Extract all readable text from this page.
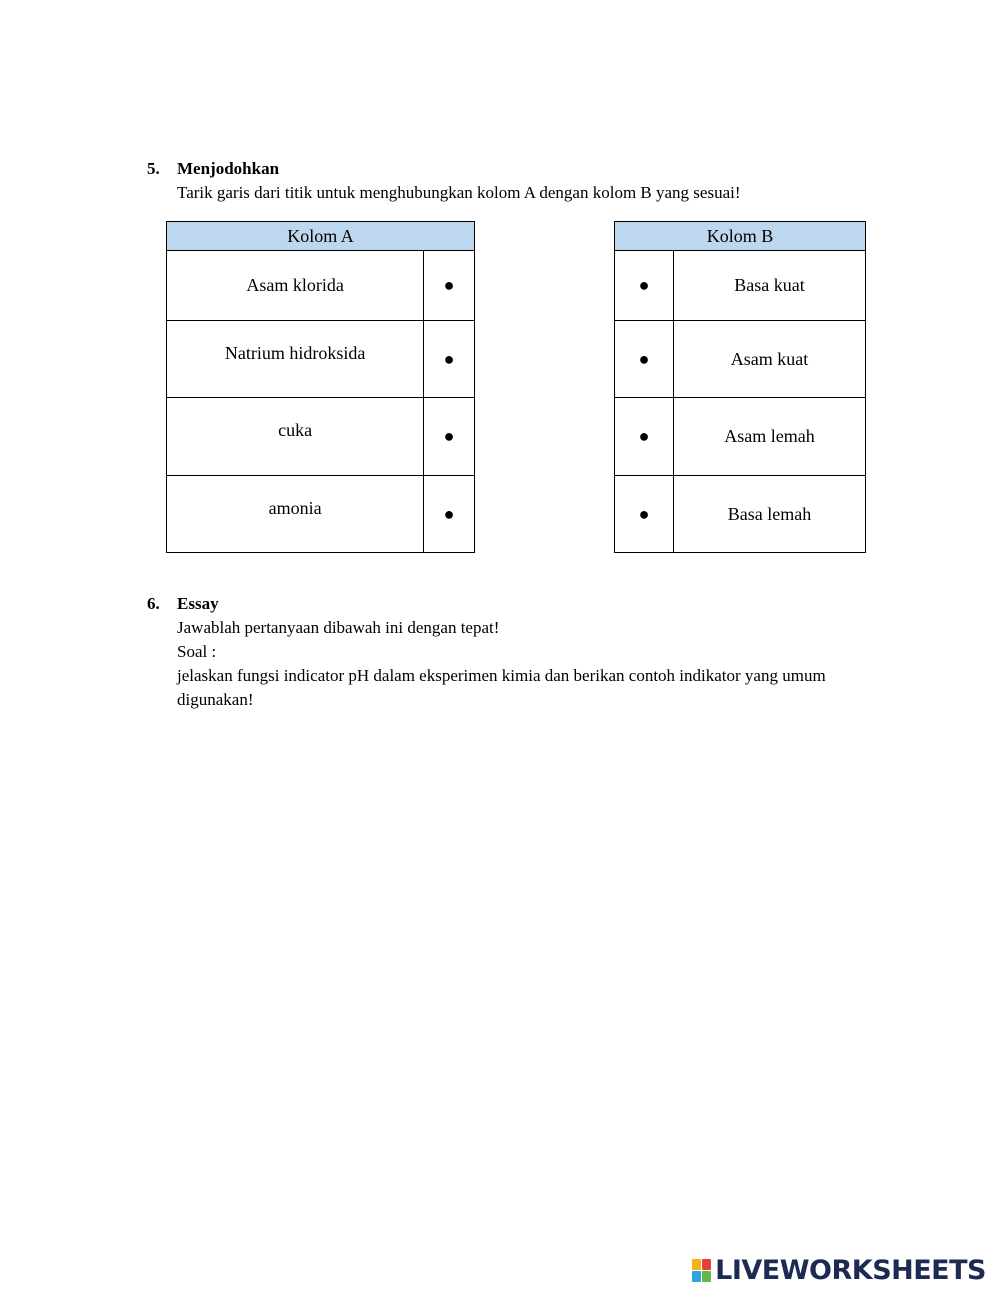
5. Menjodohkan
Tarik garis dari titik untuk menghubungkan kolom A dengan kolom B yang sesuai!
Kolom A	
Asam klorida	●
Natrium hidroksida	●
cuka	●
amonia	●
Kolom B	
●	Basa kuat
●	Asam kuat
●	Asam lemah
●	Basa lemah
6. Essay
Jawablah pertanyaan dibawah ini dengan tepat!
Soal :
jelaskan fungsi indicator pH dalam eksperimen kimia dan berikan contoh indikator yang umum digunakan!
LIVEWORKSHEETS
